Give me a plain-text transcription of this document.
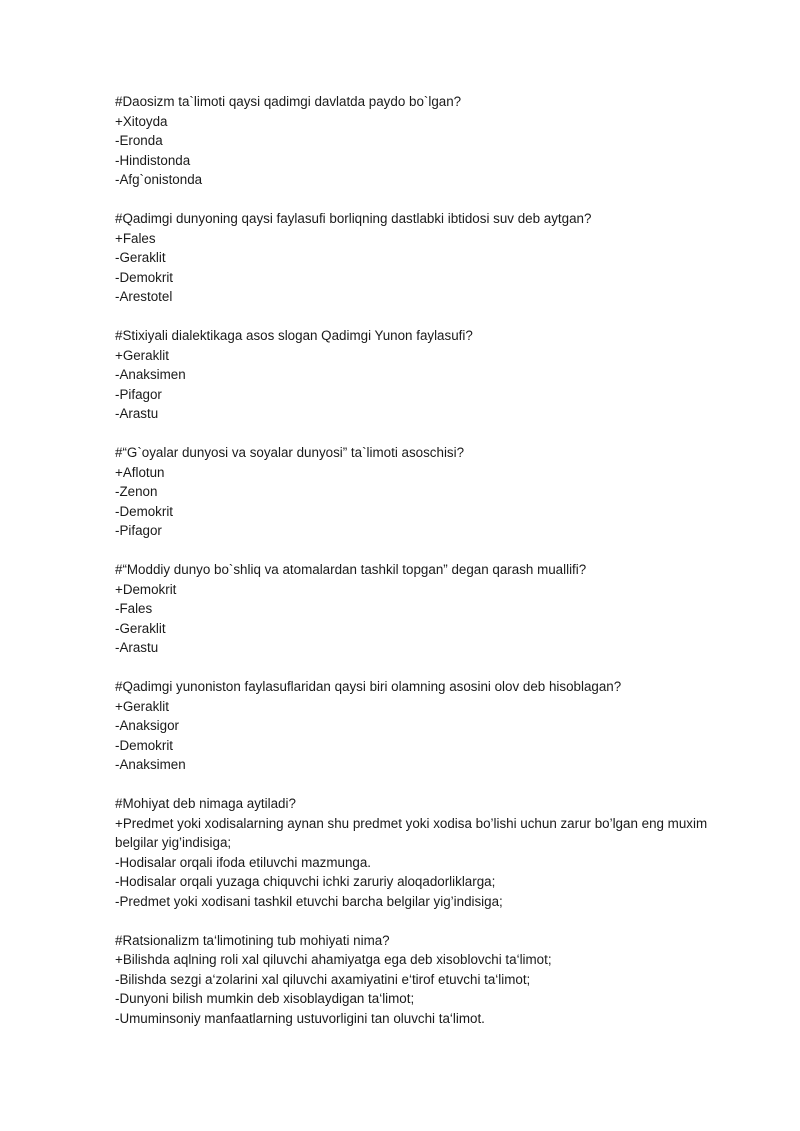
#Daosizm ta`limoti qaysi qadimgi davlatda paydo bo`lgan?
+Xitoyda
-Eronda
-Hindistonda
-Afg`onistonda
#Qadimgi dunyoning qaysi faylasufi borliqning dastlabki ibtidosi suv deb aytgan?
+Fales
-Geraklit
-Demokrit
-Arestotel
#Stixiyali dialektikaga asos slogan Qadimgi Yunon faylasufi?
+Geraklit
-Anaksimen
-Pifagor
-Arastu
#“G`oyalar dunyosi va soyalar dunyosi” ta`limoti asoschisi?
+Aflotun
-Zenon
-Demokrit
-Pifagor
#“Moddiy dunyo bo`shliq va atomalardan tashkil topgan” degan qarash muallifi?
+Demokrit
-Fales
-Geraklit
-Arastu
#Qadimgi yunoniston faylasuflaridan qaysi biri olamning asosini olov deb hisoblagan?
+Geraklit
-Anaksigor
-Demokrit
-Anaksimen
#Mohiyat deb nimaga aytiladi?
+Predmet yoki xodisalarning aynan shu predmet yoki xodisa bo’lishi uchun zarur bo’lgan eng muxim belgilar yig’indisiga;
-Hodisalar orqali ifoda etiluvchi mazmunga.
-Hodisalar orqali yuzaga chiquvchi ichki zaruriy aloqadorliklarga;
-Predmet yoki xodisani tashkil etuvchi barcha belgilar yig’indisiga;
#Ratsionalizm ta‘limotining tub mohiyati nima?
+Bilishda aqlning roli xal qiluvchi ahamiyatga ega deb xisoblovchi ta‘limot;
-Bilishda sezgi a‘zolarini xal qiluvchi axamiyatini e‘tirof etuvchi ta‘limot;
-Dunyoni bilish mumkin deb xisoblaydigan ta‘limot;
-Umuminsoniy manfaatlarning ustuvorligini tan oluvchi ta‘limot.
